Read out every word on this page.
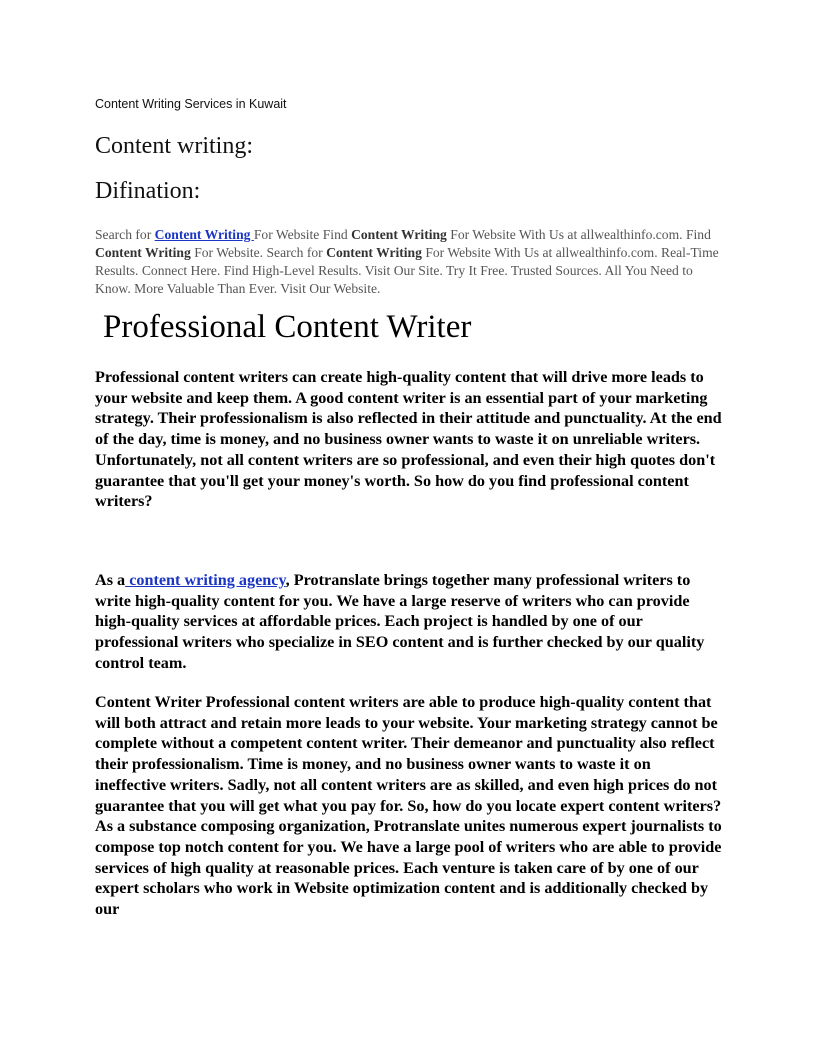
Content Writing Services in Kuwait
Content writing:
Difination:

Search for Content Writing For Website Find Content Writing For Website With Us at allwealthinfo.com. Find Content Writing For Website. Search for Content Writing For Website With Us at allwealthinfo.com. Real-Time Results. Connect Here. Find High-Level Results. Visit Our Site. Try It Free. Trusted Sources. All You Need to Know. More Valuable Than Ever. Visit Our Website.

Professional Content Writer

Professional content writers can create high-quality content that will drive more leads to your website and keep them. A good content writer is an essential part of your marketing strategy. Their professionalism is also reflected in their attitude and punctuality. At the end of the day, time is money, and no business owner wants to waste it on unreliable writers. Unfortunately, not all content writers are so professional, and even their high quotes don't guarantee that you'll get your money's worth. So how do you find professional content writers?

As a content writing agency, Protranslate brings together many professional writers to write high-quality content for you. We have a large reserve of writers who can provide high-quality services at affordable prices. Each project is handled by one of our professional writers who specialize in SEO content and is further checked by our quality control team.

Content Writer Professional content writers are able to produce high-quality content that will both attract and retain more leads to your website. Your marketing strategy cannot be complete without a competent content writer. Their demeanor and punctuality also reflect their professionalism. Time is money, and no business owner wants to waste it on ineffective writers. Sadly, not all content writers are as skilled, and even high prices do not guarantee that you will get what you pay for. So, how do you locate expert content writers?As a substance composing organization, Protranslate unites numerous expert journalists to compose top notch content for you. We have a large pool of writers who are able to provide services of high quality at reasonable prices. Each venture is taken care of by one of our expert scholars who work in Website optimization content and is additionally checked by our
